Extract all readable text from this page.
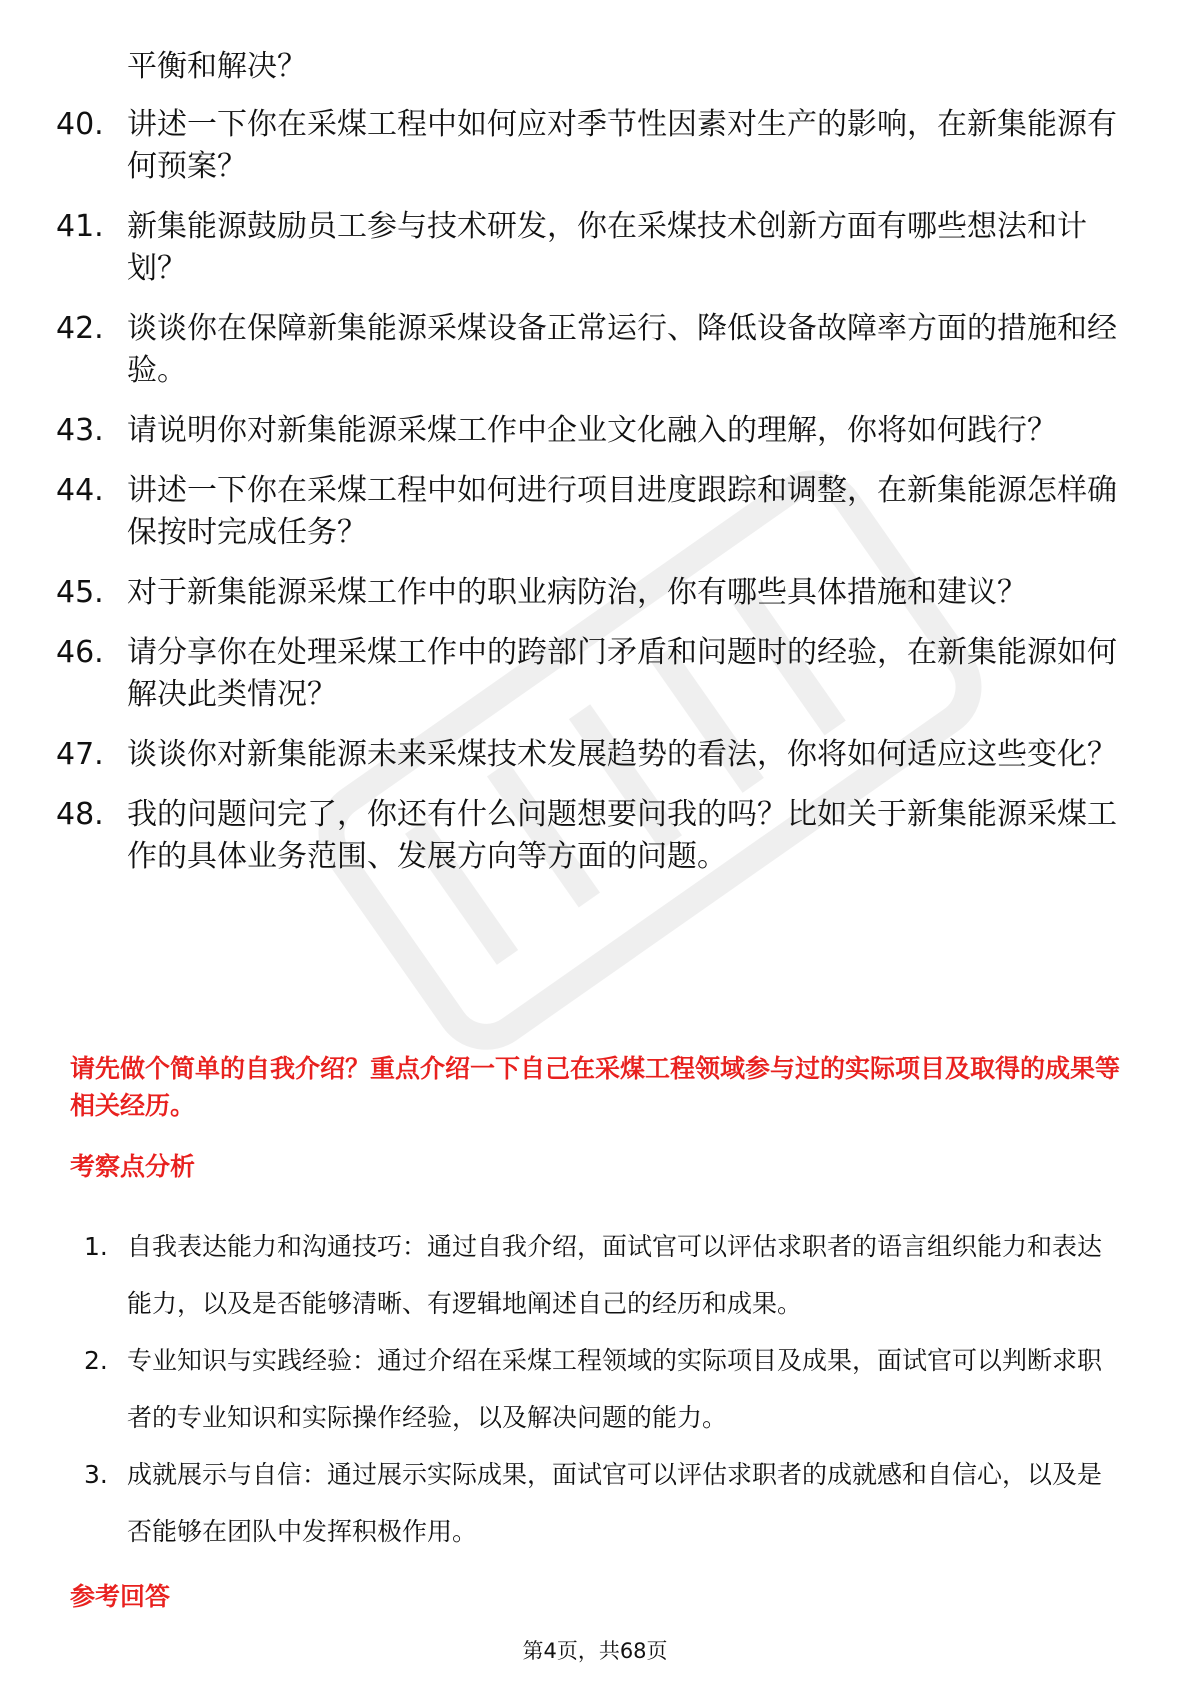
平衡和解决？

40. 讲述一下你在采煤工程中如何应对季节性因素对生产的影响，在新集能源有何预案？
41. 新集能源鼓励员工参与技术研发，你在采煤技术创新方面有哪些想法和计划？
42. 谈谈你在保障新集能源采煤设备正常运行、降低设备故障率方面的措施和经验。
43. 请说明你对新集能源采煤工作中企业文化融入的理解，你将如何践行？
44. 讲述一下你在采煤工程中如何进行项目进度跟踪和调整，在新集能源怎样确保按时完成任务？
45. 对于新集能源采煤工作中的职业病防治，你有哪些具体措施和建议？
46. 请分享你在处理采煤工作中的跨部门矛盾和问题时的经验，在新集能源如何解决此类情况？
47. 谈谈你对新集能源未来采煤技术发展趋势的看法，你将如何适应这些变化？
48. 我的问题问完了，你还有什么问题想要问我的吗？比如关于新集能源采煤工作的具体业务范围、发展方向等方面的问题。

请先做个简单的自我介绍？重点介绍一下自己在采煤工程领域参与过的实际项目及取得的成果等相关经历。

考察点分析
1. 自我表达能力和沟通技巧：通过自我介绍，面试官可以评估求职者的语言组织能力和表达能力，以及是否能够清晰、有逻辑地阐述自己的经历和成果。
2. 专业知识与实践经验：通过介绍在采煤工程领域的实际项目及成果，面试官可以判断求职者的专业知识和实际操作经验，以及解决问题的能力。
3. 成就展示与自信：通过展示实际成果，面试官可以评估求职者的成就感和自信心，以及是否能够在团队中发挥积极作用。
参考回答
第4页，共68页
